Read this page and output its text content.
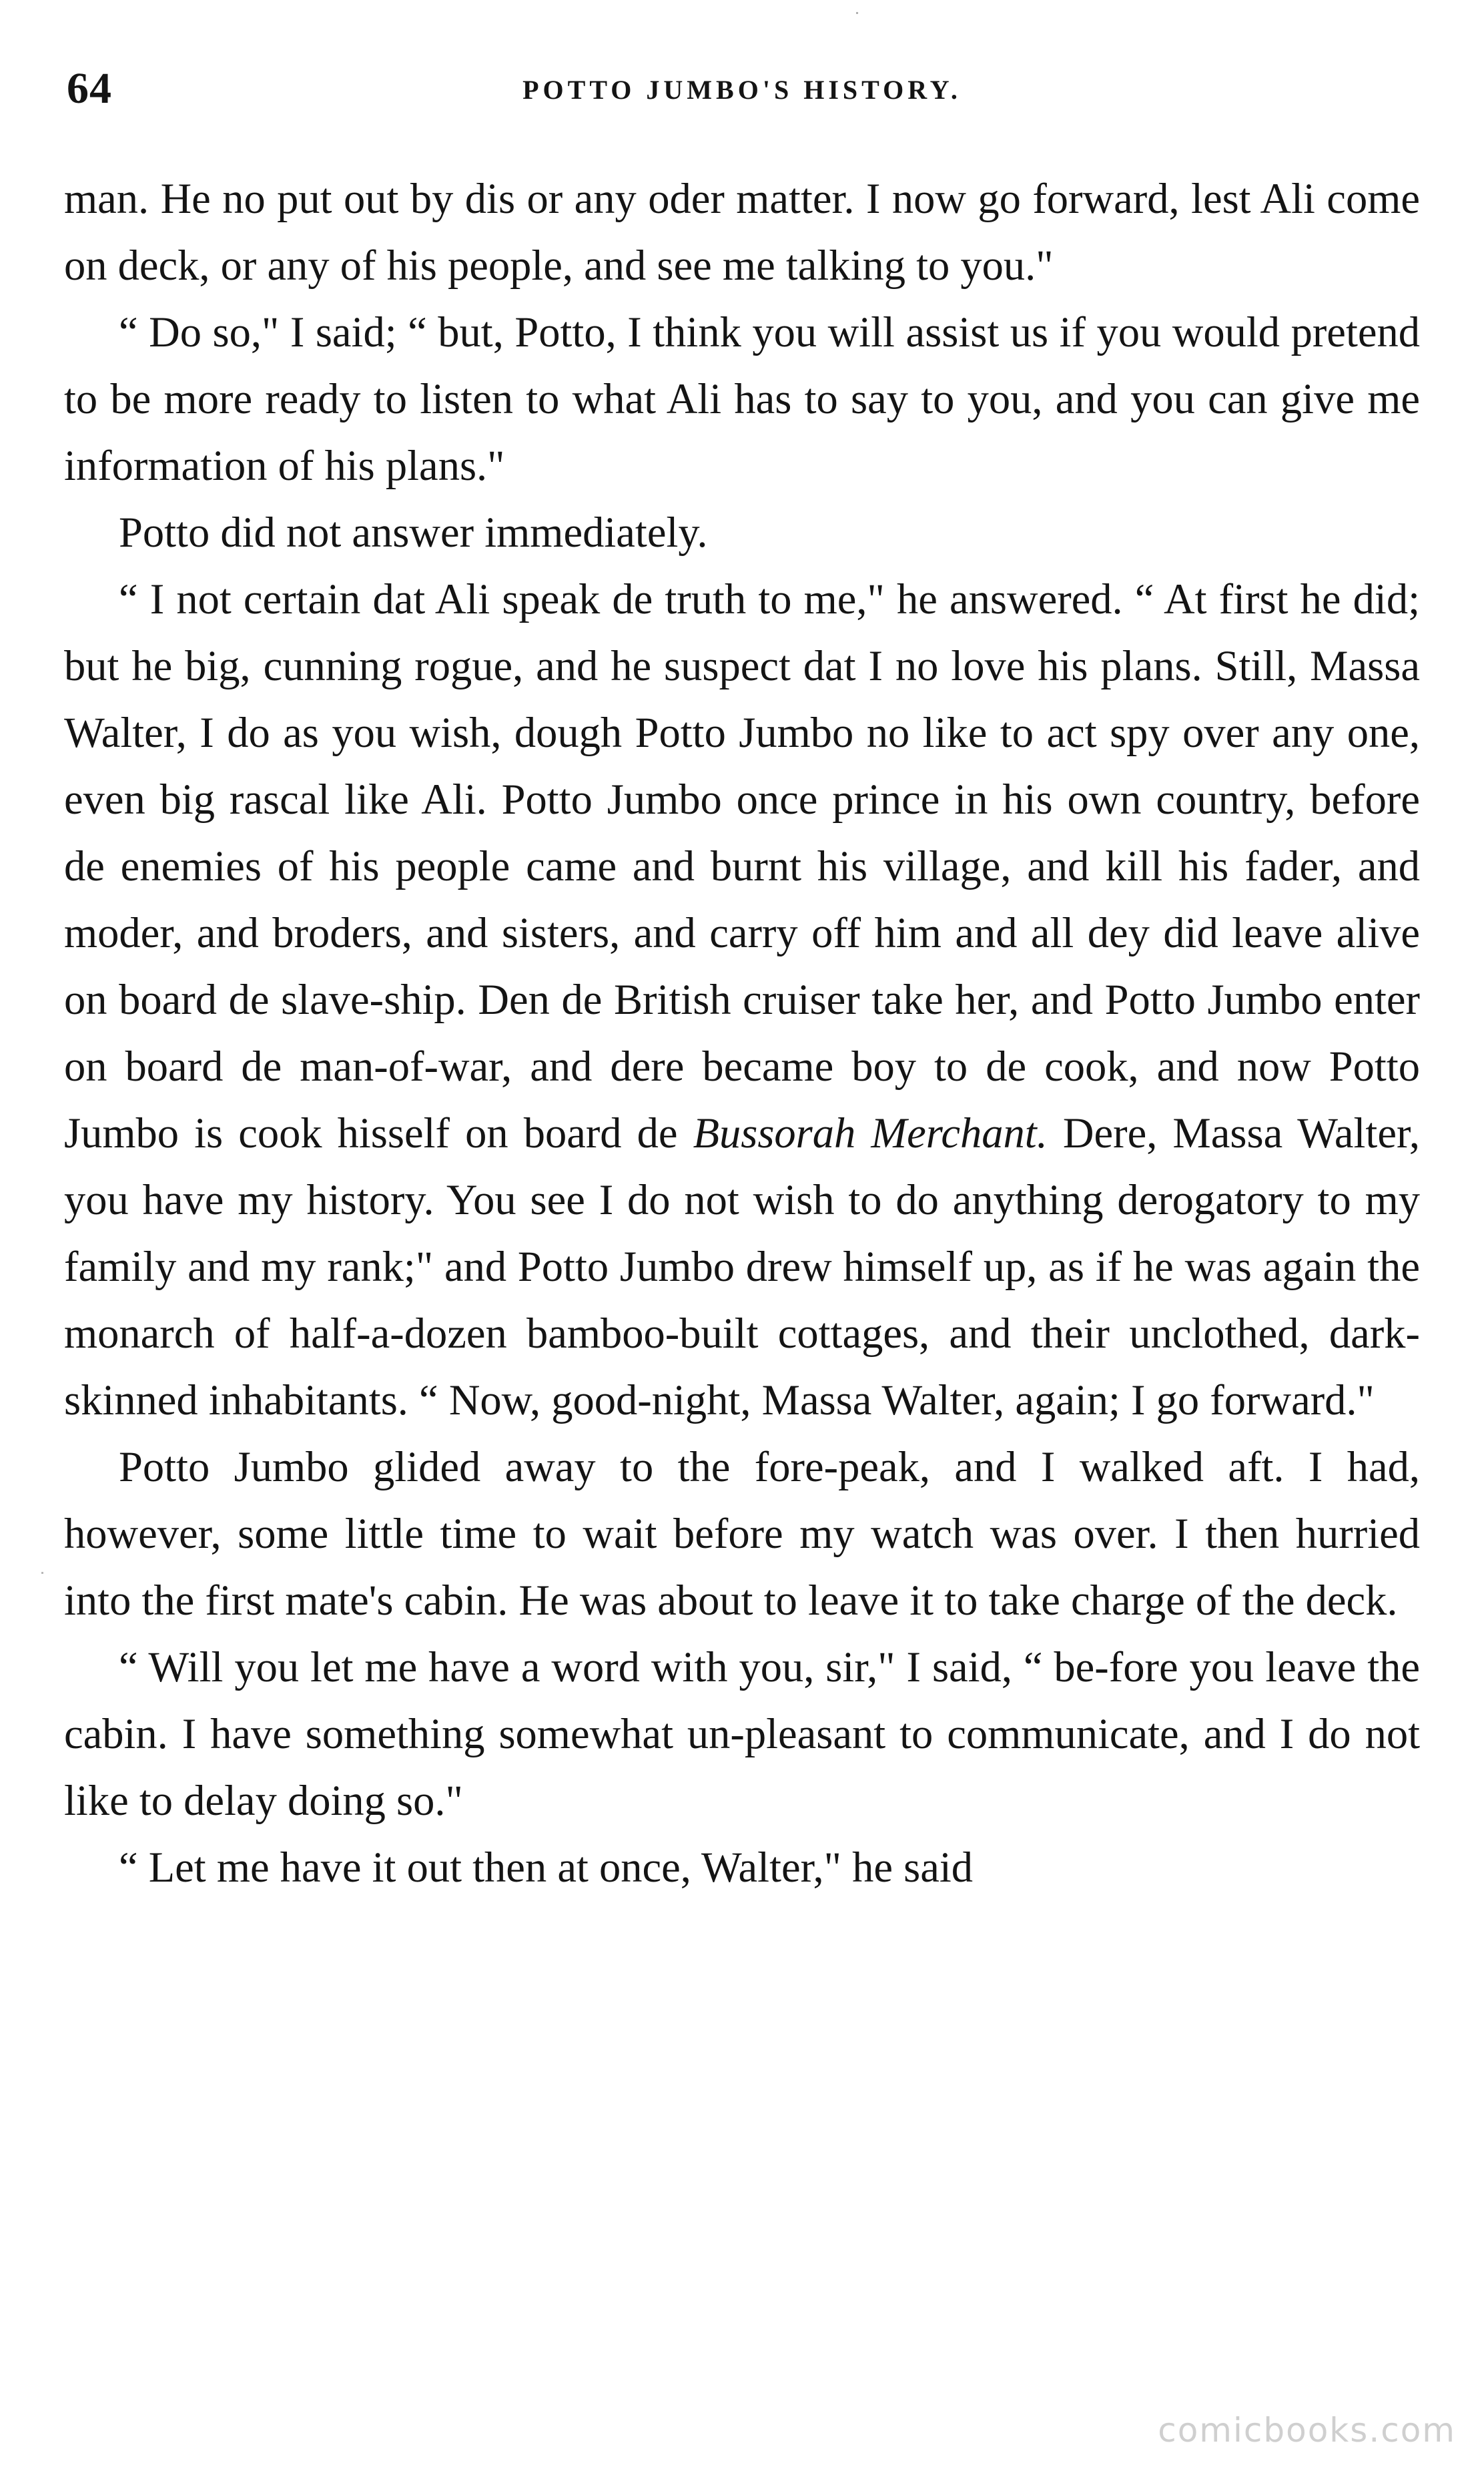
64	POTTO JUMBO'S HISTORY.

man. He no put out by dis or any oder matter. I now go forward, lest Ali come on deck, or any of his people, and see me talking to you."

“ Do so," I said; “ but, Potto, I think you will assist us if you would pretend to be more ready to listen to what Ali has to say to you, and you can give me information of his plans."

Potto did not answer immediately.

“ I not certain dat Ali speak de truth to me," he answered. “ At first he did; but he big, cunning rogue, and he suspect dat I no love his plans. Still, Massa Walter, I do as you wish, dough Potto Jumbo no like to act spy over any one, even big rascal like Ali. Potto Jumbo once prince in his own country, before de enemies of his people came and burnt his village, and kill his fader, and moder, and broders, and sisters, and carry off him and all dey did leave alive on board de slave-ship. Den de British cruiser take her, and Potto Jumbo enter on board de man-of-war, and dere became boy to de cook, and now Potto Jumbo is cook hisself on board de Bussorah Merchant. Dere, Massa Walter, you have my history. You see I do not wish to do anything derogatory to my family and my rank;" and Potto Jumbo drew himself up, as if he was again the monarch of half-a-dozen bamboo-built cottages, and their unclothed, dark-skinned inhabitants. “ Now, good-night, Massa Walter, again; I go forward."

Potto Jumbo glided away to the fore-peak, and I walked aft. I had, however, some little time to wait before my watch was over. I then hurried into the first mate's cabin. He was about to leave it to take charge of the deck.

“ Will you let me have a word with you, sir," I said, “ be-fore you leave the cabin. I have something somewhat un-pleasant to communicate, and I do not like to delay doing so."

“ Let me have it out then at once, Walter," he said

comicbooks.com
